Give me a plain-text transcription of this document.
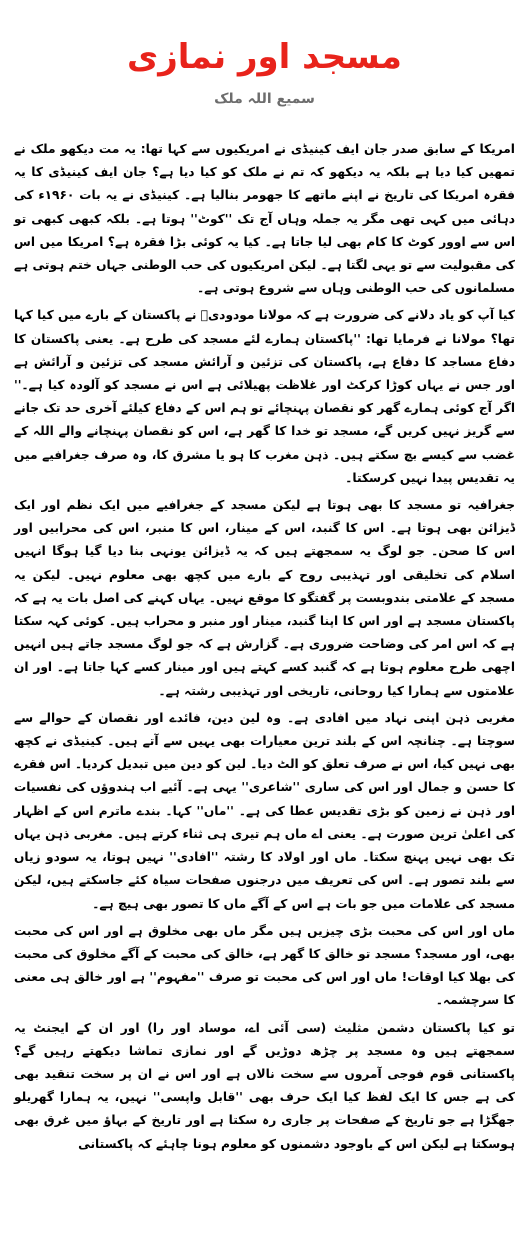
مسجد اور نمازی
سمیع اللہ ملک

امریکا کے سابق صدر جان ایف کینیڈی نے امریکیوں سے کہا تھا: یہ مت دیکھو ملک نے تمھیں کیا دیا ہے بلکہ یہ دیکھو کہ تم نے ملک کو کیا دیا ہے؟ جان ایف کینیڈی کا یہ فقرہ امریکا کی تاریخ نے اپنے ماتھے کا جھومر بنالیا ہے۔ کینیڈی نے یہ بات ۱۹۶۰ء کی دہائی میں کہی تھی مگر یہ جملہ وہاں آج تک ''کوٹ'' ہوتا ہے۔ بلکہ کبھی کبھی تو اس سے اوور کوٹ کا کام بھی لیا جاتا ہے۔ کیا یہ کوئی بڑا فقرہ ہے؟ امریکا میں اس کی مقبولیت سے تو یہی لگتا ہے۔ لیکن امریکیوں کی حب الوطنی جہاں ختم ہوتی ہے مسلمانوں کی حب الوطنی وہاں سے شروع ہوتی ہے۔

کیا آپ کو یاد دلانے کی ضرورت ہے کہ مولانا مودودیؒ نے پاکستان کے بارے میں کیا کہا تھا؟ مولانا نے فرمایا تھا: ''پاکستان ہمارے لئے مسجد کی طرح ہے۔ یعنی پاکستان کا دفاع مساجد کا دفاع ہے، پاکستان کی تزئین و آرائش مسجد کی تزئین و آرائش ہے اور جس نے یہاں کوڑا کرکٹ اور غلاظت پھیلائی ہے اس نے مسجد کو آلودہ کیا ہے۔'' اگر آج کوئی ہمارے گھر کو نقصان پہنچائے تو ہم اس کے دفاع کیلئے آخری حد تک جانے سے گریز نہیں کریں گے، مسجد تو خدا کا گھر ہے، اس کو نقصان پہنچانے والے اللہ کے غضب سے کیسے بچ سکتے ہیں۔ ذہن مغرب کا ہو یا مشرق کا، وہ صرف جغرافیے میں یہ تقدیس پیدا نہیں کرسکتا۔

جغرافیہ تو مسجد کا بھی ہوتا ہے لیکن مسجد کے جغرافیے میں ایک نظم اور ایک ڈیزائن بھی ہوتا ہے۔ اس کا گنبد، اس کے مینار، اس کا منبر، اس کی محرابیں اور اس کا صحن۔ جو لوگ یہ سمجھتے ہیں کہ یہ ڈیزائن یونہی بنا دیا گیا ہوگا انہیں اسلام کی تخلیقی اور تہذیبی روح کے بارے میں کچھ بھی معلوم نہیں۔ لیکن یہ مسجد کے علامتی بندوبست پر گفتگو کا موقع نہیں۔ یہاں کہنے کی اصل بات یہ ہے کہ پاکستان مسجد ہے اور اس کا اپنا گنبد، مینار اور منبر و محراب ہیں۔ کوئی کہہ سکتا ہے کہ اس امر کی وضاحت ضروری ہے۔ گزارش ہے کہ جو لوگ مسجد جاتے ہیں انہیں اچھی طرح معلوم ہوتا ہے کہ گنبد کسے کہتے ہیں اور مینار کسے کہا جاتا ہے۔ اور ان علامتوں سے ہمارا کیا روحانی، تاریخی اور تہذیبی رشتہ ہے۔

مغربی ذہن اپنی نہاد میں افادی ہے۔ وہ لین دین، فائدے اور نقصان کے حوالے سے سوچتا ہے۔ چنانچہ اس کے بلند ترین معیارات بھی یہیں سے آتے ہیں۔ کینیڈی نے کچھ بھی نہیں کیا، اس نے صرف تعلق کو الٹ دیا۔ لین کو دین میں تبدیل کردیا۔ اس فقرے کا حسن و جمال اور اس کی ساری ''شاعری'' یہی ہے۔ آئیے اب ہندوؤں کی نفسیات اور ذہن نے زمین کو بڑی تقدیس عطا کی ہے۔ ''ماں'' کہا۔ بندے ماترم اس کے اظہار کی اعلیٰ ترین صورت ہے۔ یعنی اے ماں ہم تیری ہی ثناء کرتے ہیں۔ مغربی ذہن یہاں تک بھی نہیں پہنچ سکتا۔ ماں اور اولاد کا رشتہ ''افادی'' نہیں ہوتا، یہ سودو زیاں سے بلند تصور ہے۔ اس کی تعریف میں درجنوں صفحات سیاہ کئے جاسکتے ہیں، لیکن مسجد کی علامات میں جو بات ہے اس کے آگے ماں کا تصور بھی ہیچ ہے۔

ماں اور اس کی محبت بڑی چیزیں ہیں مگر ماں بھی مخلوق ہے اور اس کی محبت بھی، اور مسجد؟ مسجد تو خالق کا گھر ہے، خالق کی محبت کے آگے مخلوق کی محبت کی بھلا کیا اوقات! ماں اور اس کی محبت تو صرف ''مفہوم'' ہے اور خالق ہی معنی کا سرچشمہ۔

تو کیا پاکستان دشمن مثلیث (سی آئی اے، موساد اور را) اور ان کے ایجنٹ یہ سمجھتے ہیں وہ مسجد پر چڑھ دوڑیں گے اور نمازی تماشا دیکھتے رہیں گے؟ پاکستانی قوم فوجی آمروں سے سخت نالاں ہے اور اس نے ان پر سخت تنقید بھی کی ہے جس کا ایک لفظ کیا ایک حرف بھی ''قابل واپسی'' نہیں، یہ ہمارا گھریلو جھگڑا ہے جو تاریخ کے صفحات پر جاری رہ سکتا ہے اور تاریخ کے بہاؤ میں غرق بھی ہوسکتا ہے لیکن اس کے باوجود دشمنوں کو معلوم ہونا چاہئے کہ پاکستانی
